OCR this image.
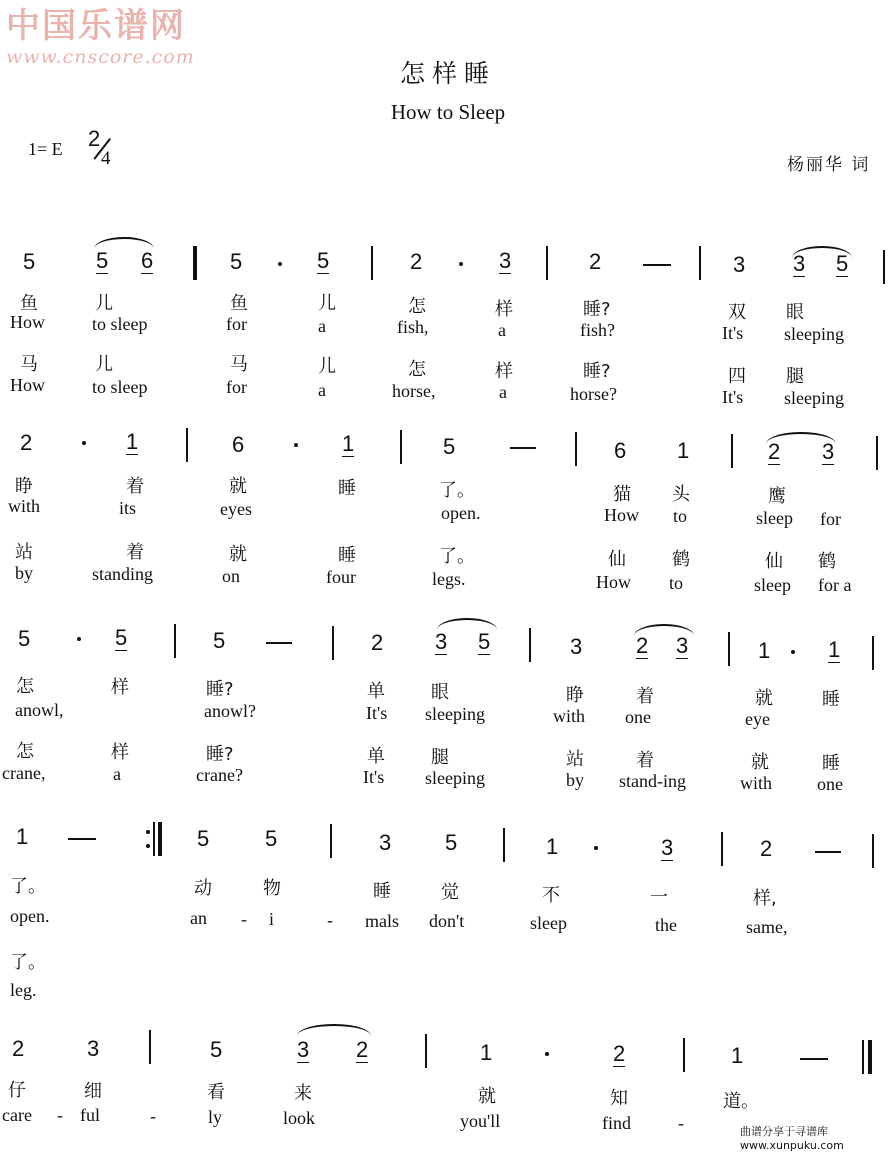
中国乐谱网
www.cnscore.com
怎样睡
How to Sleep
1= E 2
4	杨丽华 词
5	5 6	5	5	2	3	2	3 3 5
鱼	儿	鱼	儿	怎	样	睡?	双 眼
How	to sleep	for	a	fish,	a	fish?	It's sleeping
马	儿	马	儿	怎	样	睡?	四 腿
How	to sleep	for	a	horse,	a	horse?	It's sleeping
2	1	6	1	5	6 1	2 3
睁	着	就	睡	了。	猫 头	鹰
with	its	eyes	open.	How to	sleep for
站	着	就	睡	了。	仙	鹤	仙 鹤
by	standing	on	four	legs.	How to	sleep for a
5	5	5	2 3 5	3 2 3	1	1
怎	样	睡?	单	眼	睁	着	就	睡
anowl,	anowl?	It's sleeping	with one	eye
怎	样	睡?	单	腿	站	着	就	睡
crane,	a	crane?	It's sleeping	by stand-ing	with one
1	5	5	3 5	1	3	2
了。	动	物	睡	觉	不	一	样,
open.	an - i	- mals don't	sleep	the	same,
了。
leg.
2	3	5	3 2	1	2	1
仔	细	看	来	就	知	道。
care - ful	-	ly	look	you'll	find	-	曲谱分享于寻谱库 www.xunpuku.com
